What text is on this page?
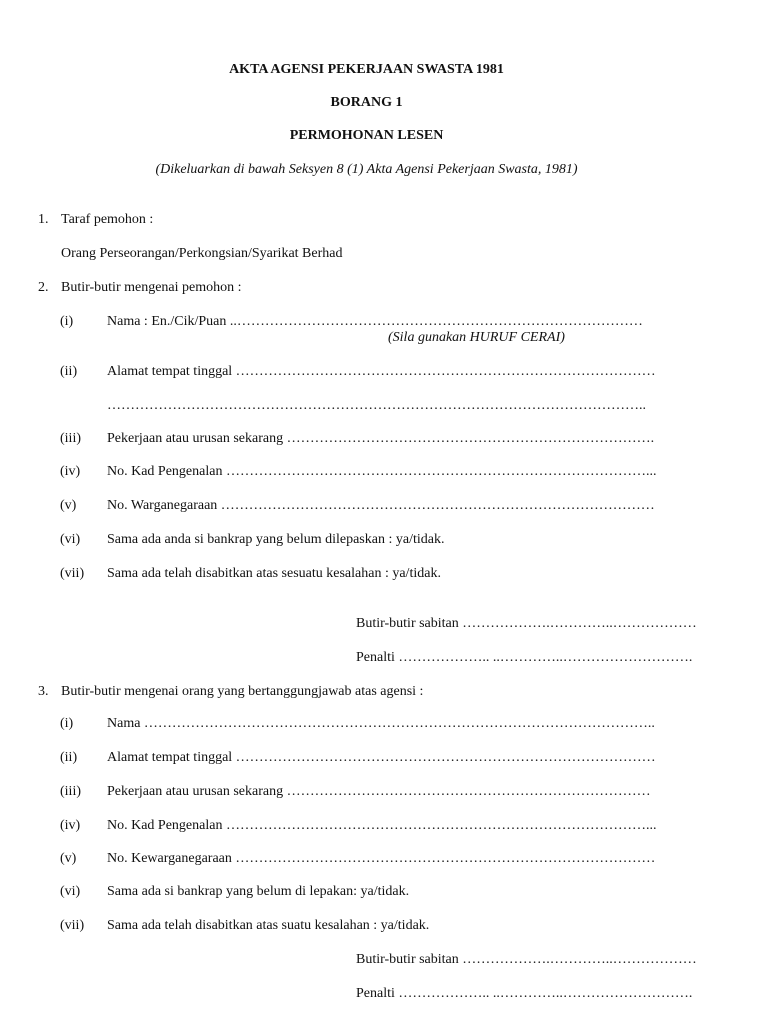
AKTA AGENSI PEKERJAAN SWASTA 1981
BORANG 1
PERMOHONAN LESEN
(Dikeluarkan di bawah Seksyen 8 (1) Akta Agensi Pekerjaan Swasta, 1981)
1. Taraf pemohon :
Orang Perseorangan/Perkongsian/Syarikat Berhad
2. Butir-butir mengenai pemohon :
(i) Nama : En./Cik/Puan ..……………………………………………………………………………
(Sila gunakan HURUF CERAI)
(ii) Alamat tempat tinggal ………………………………………………………………………………
……………………………………………………………………………………………………..
(iii) Pekerjaan atau urusan sekarang …………………………………………………………………….
(iv) No. Kad Pengenalan ………………………………………………………………………………...
(v) No. Warganegaraan …………………………………………………………………………………
(vi) Sama ada anda si bankrap yang belum dilepaskan : ya/tidak.
(vii) Sama ada telah disabitkan atas sesuatu kesalahan : ya/tidak.
Butir-butir sabitan ……………….…………..………………
Penalti ……………….. ..…………..……………………….
3. Butir-butir mengenai orang yang bertanggungjawab atas agensi :
(i) Nama ………………………………………………………………………………………………..
(ii) Alamat tempat tinggal ………………………………………………………………………………
(iii) Pekerjaan atau urusan sekarang ……………………………………………………………………
(iv) No. Kad Pengenalan ………………………………………………………………………………...
(v) No. Kewarganegaraan ………………………………………………………………………………
(vi) Sama ada si bankrap yang belum di lepakan: ya/tidak.
(vii) Sama ada telah disabitkan atas suatu kesalahan : ya/tidak.
Butir-butir sabitan ……………….…………..………………
Penalti ……………….. ..…………..……………………….
